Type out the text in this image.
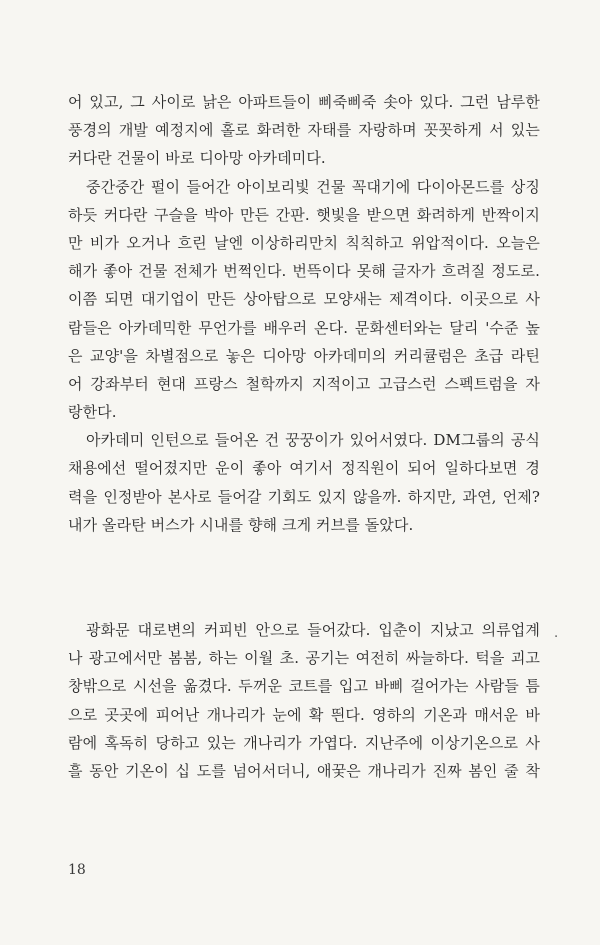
어 있고, 그 사이로 낡은 아파트들이 삐죽삐죽 솟아 있다. 그런 남루한
풍경의 개발 예정지에 홀로 화려한 자태를 자랑하며 꼿꼿하게 서 있는
커다란 건물이 바로 디아망 아카데미다.
중간중간 펄이 들어간 아이보리빛 건물 꼭대기에 다이아몬드를 상징
하듯 커다란 구슬을 박아 만든 간판. 햇빛을 받으면 화려하게 반짝이지
만 비가 오거나 흐린 날엔 이상하리만치 칙칙하고 위압적이다. 오늘은
해가 좋아 건물 전체가 번쩍인다. 번뜩이다 못해 글자가 흐려질 정도로.
이쯤 되면 대기업이 만든 상아탑으로 모양새는 제격이다. 이곳으로 사
람들은 아카데믹한 무언가를 배우러 온다. 문화센터와는 달리 '수준 높
은 교양'을 차별점으로 놓은 디아망 아카데미의 커리큘럼은 초급 라틴
어 강좌부터 현대 프랑스 철학까지 지적이고 고급스런 스펙트럼을 자
랑한다.
아카데미 인턴으로 들어온 건 꿍꿍이가 있어서였다. DM그룹의 공식
채용에선 떨어졌지만 운이 좋아 여기서 정직원이 되어 일하다보면 경
력을 인정받아 본사로 들어갈 기회도 있지 않을까. 하지만, 과연, 언제?
내가 올라탄 버스가 시내를 향해 크게 커브를 돌았다.
광화문 대로변의 커피빈 안으로 들어갔다. 입춘이 지났고 의류업계
나 광고에서만 봄봄, 하는 이월 초. 공기는 여전히 싸늘하다. 턱을 괴고
창밖으로 시선을 옮겼다. 두꺼운 코트를 입고 바삐 걸어가는 사람들 틈
으로 곳곳에 피어난 개나리가 눈에 확 띈다. 영하의 기온과 매서운 바
람에 혹독히 당하고 있는 개나리가 가엽다. 지난주에 이상기온으로 사
흘 동안 기온이 십 도를 넘어서더니, 애꿎은 개나리가 진짜 봄인 줄 착
.
18
